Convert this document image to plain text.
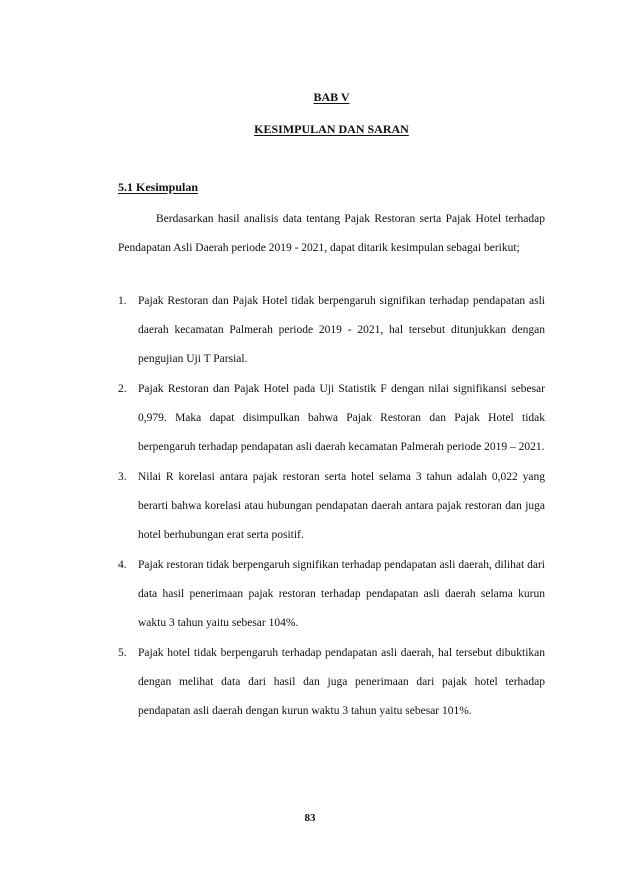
BAB V
KESIMPULAN DAN SARAN
5.1 Kesimpulan

Berdasarkan hasil analisis data tentang Pajak Restoran serta Pajak Hotel terhadap Pendapatan Asli Daerah periode 2019 - 2021, dapat ditarik kesimpulan sebagai berikut;

1. Pajak Restoran dan Pajak Hotel tidak berpengaruh signifikan terhadap pendapatan asli daerah kecamatan Palmerah periode 2019 - 2021, hal tersebut ditunjukkan dengan pengujian Uji T Parsial.
2. Pajak Restoran dan Pajak Hotel pada Uji Statistik F dengan nilai signifikansi sebesar 0,979. Maka dapat disimpulkan bahwa Pajak Restoran dan Pajak Hotel tidak berpengaruh terhadap pendapatan asli daerah kecamatan Palmerah periode 2019 – 2021.
3. Nilai R korelasi antara pajak restoran serta hotel selama 3 tahun adalah 0,022 yang berarti bahwa korelasi atau hubungan pendapatan daerah antara pajak restoran dan juga hotel berhubungan erat serta positif.
4. Pajak restoran tidak berpengaruh signifikan terhadap pendapatan asli daerah, dilihat dari data hasil penerimaan pajak restoran terhadap pendapatan asli daerah selama kurun waktu 3 tahun yaitu sebesar 104%.
5. Pajak hotel tidak berpengaruh terhadap pendapatan asli daerah, hal tersebut dibuktikan dengan melihat data dari hasil dan juga penerimaan dari pajak hotel terhadap pendapatan asli daerah dengan kurun waktu 3 tahun yaitu sebesar 101%.
83
